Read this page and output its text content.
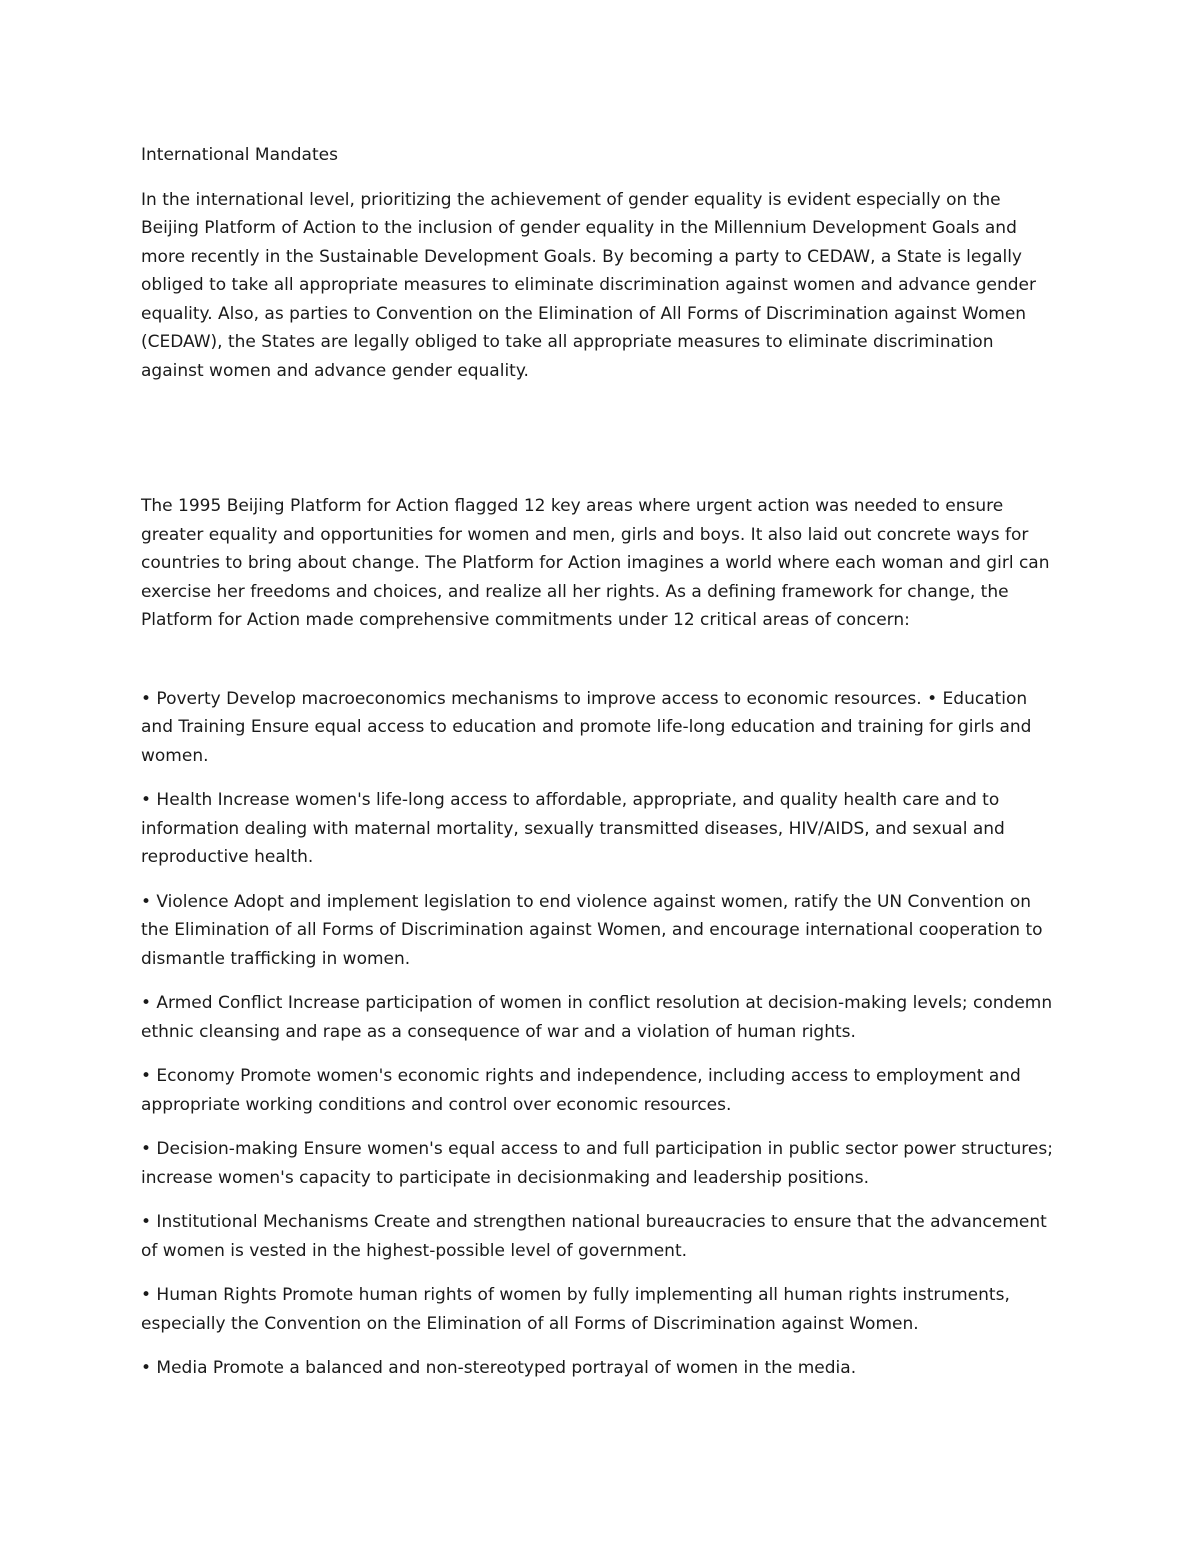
International Mandates

In the international level, prioritizing the achievement of gender equality is evident especially on the Beijing Platform of Action to the inclusion of gender equality in the Millennium Development Goals and more recently in the Sustainable Development Goals. By becoming a party to CEDAW, a State is legally obliged to take all appropriate measures to eliminate discrimination against women and advance gender equality. Also, as parties to Convention on the Elimination of All Forms of Discrimination against Women (CEDAW), the States are legally obliged to take all appropriate measures to eliminate discrimination against women and advance gender equality.

The 1995 Beijing Platform for Action flagged 12 key areas where urgent action was needed to ensure greater equality and opportunities for women and men, girls and boys. It also laid out concrete ways for countries to bring about change. The Platform for Action imagines a world where each woman and girl can exercise her freedoms and choices, and realize all her rights. As a defining framework for change, the Platform for Action made comprehensive commitments under 12 critical areas of concern:

• Poverty Develop macroeconomics mechanisms to improve access to economic resources. • Education and Training Ensure equal access to education and promote life-long education and training for girls and women.

• Health Increase women's life-long access to affordable, appropriate, and quality health care and to information dealing with maternal mortality, sexually transmitted diseases, HIV/AIDS, and sexual and reproductive health.

• Violence Adopt and implement legislation to end violence against women, ratify the UN Convention on the Elimination of all Forms of Discrimination against Women, and encourage international cooperation to dismantle trafficking in women.

• Armed Conflict Increase participation of women in conflict resolution at decision-making levels; condemn ethnic cleansing and rape as a consequence of war and a violation of human rights.

• Economy Promote women's economic rights and independence, including access to employment and appropriate working conditions and control over economic resources.

• Decision-making Ensure women's equal access to and full participation in public sector power structures; increase women's capacity to participate in decisionmaking and leadership positions.

• Institutional Mechanisms Create and strengthen national bureaucracies to ensure that the advancement of women is vested in the highest-possible level of government.

• Human Rights Promote human rights of women by fully implementing all human rights instruments, especially the Convention on the Elimination of all Forms of Discrimination against Women.

• Media Promote a balanced and non-stereotyped portrayal of women in the media.
